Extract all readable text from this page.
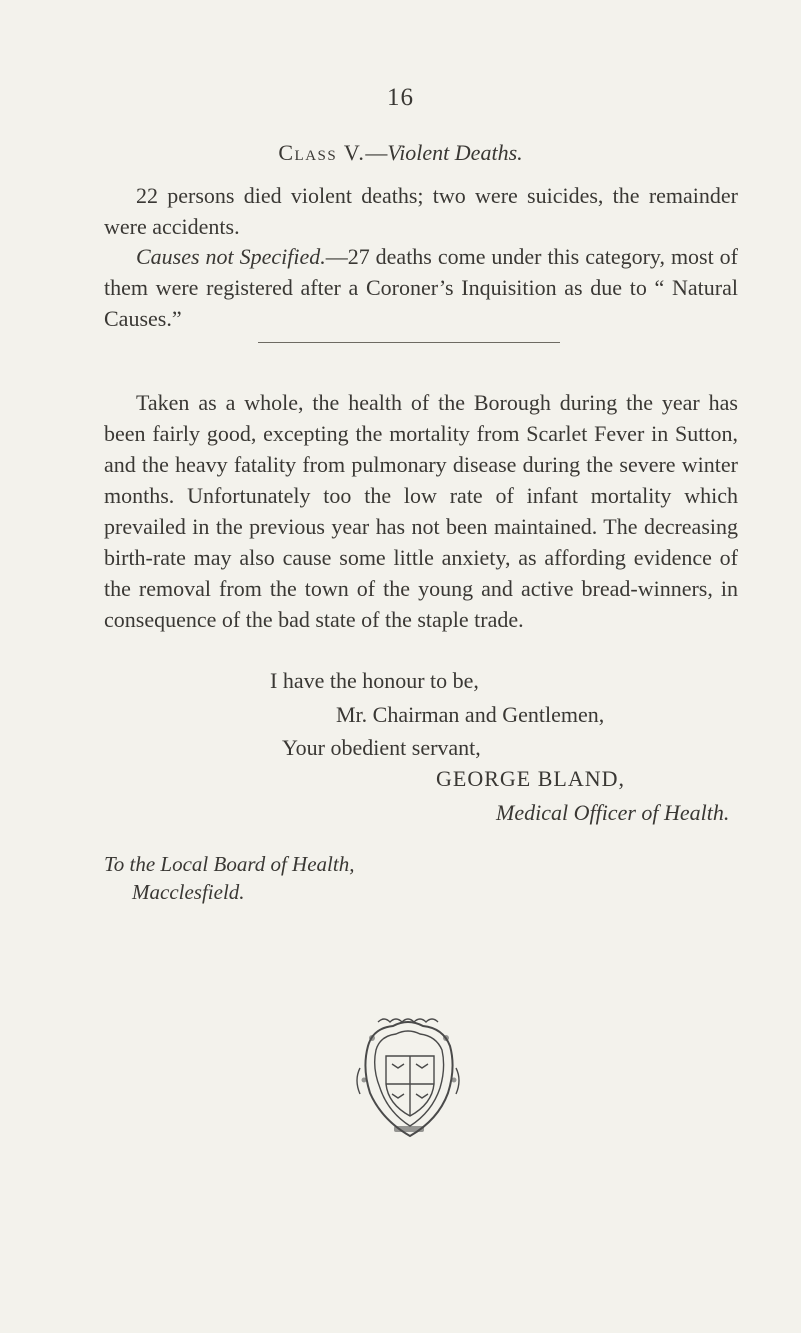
16
Class V.—Violent Deaths.

22 persons died violent deaths; two were suicides, the remainder were accidents.

Causes not Specified.—27 deaths come under this category, most of them were registered after a Coroner’s Inquisition as due to “ Natural Causes.”

Taken as a whole, the health of the Borough during the year has been fairly good, excepting the mortality from Scarlet Fever in Sutton, and the heavy fatality from pulmonary disease during the severe winter months. Unfortunately too the low rate of infant mortality which prevailed in the previous year has not been maintained. The decreasing birth-rate may also cause some little anxiety, as affording evidence of the removal from the town of the young and active bread-winners, in consequence of the bad state of the staple trade.

I have the honour to be,
Mr. Chairman and Gentlemen,
Your obedient servant,
GEORGE BLAND,
Medical Officer of Health.
To the Local Board of Health,
Macclesfield.
